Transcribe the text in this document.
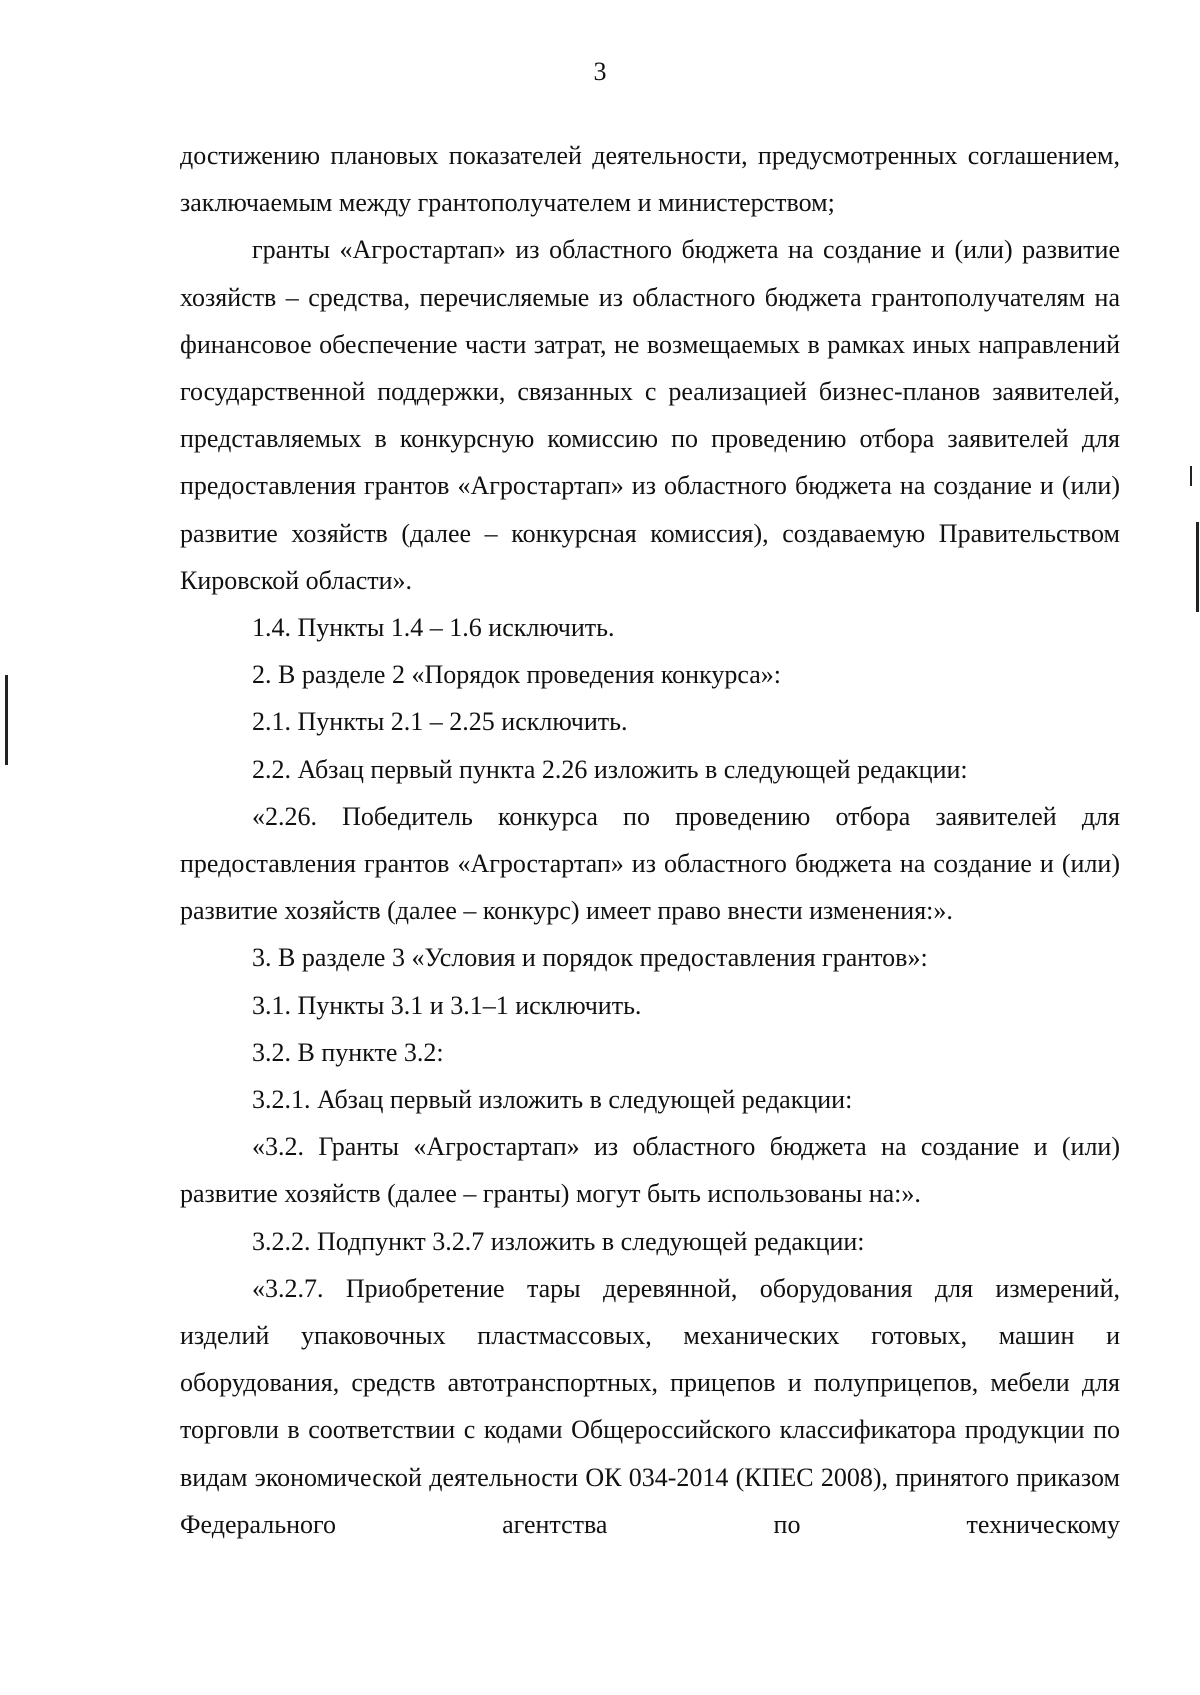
3

достижению плановых показателей деятельности, предусмотренных соглашением, заключаемым между грантополучателем и министерством;

гранты «Агростартап» из областного бюджета на создание и (или) развитие хозяйств – средства, перечисляемые из областного бюджета грантополучателям на финансовое обеспечение части затрат, не возмещаемых в рамках иных направлений государственной поддержки, связанных с реализацией бизнес-планов заявителей, представляемых в конкурсную комиссию по проведению отбора заявителей для предоставления грантов «Агростартап» из областного бюджета на создание и (или) развитие хозяйств (далее – конкурсная комиссия), создаваемую Правительством Кировской области».

1.4. Пункты 1.4 – 1.6 исключить.

2. В разделе 2 «Порядок проведения конкурса»:

2.1. Пункты 2.1 – 2.25 исключить.

2.2. Абзац первый пункта 2.26 изложить в следующей редакции:

«2.26. Победитель конкурса по проведению отбора заявителей для предоставления грантов «Агростартап» из областного бюджета на создание и (или) развитие хозяйств (далее – конкурс) имеет право внести изменения:».

3. В разделе 3 «Условия и порядок предоставления грантов»:

3.1. Пункты 3.1 и 3.1–1 исключить.

3.2. В пункте 3.2:

3.2.1. Абзац первый изложить в следующей редакции:

«3.2. Гранты «Агростартап» из областного бюджета на создание и (или) развитие хозяйств (далее – гранты) могут быть использованы на:».

3.2.2. Подпункт 3.2.7 изложить в следующей редакции:

«3.2.7. Приобретение тары деревянной, оборудования для измерений, изделий упаковочных пластмассовых, механических готовых, машин и оборудования, средств автотранспортных, прицепов и полуприцепов, мебели для торговли в соответствии с кодами Общероссийского классификатора продукции по видам экономической деятельности ОК 034-2014 (КПЕС 2008), принятого приказом Федерального агентства по техническому
